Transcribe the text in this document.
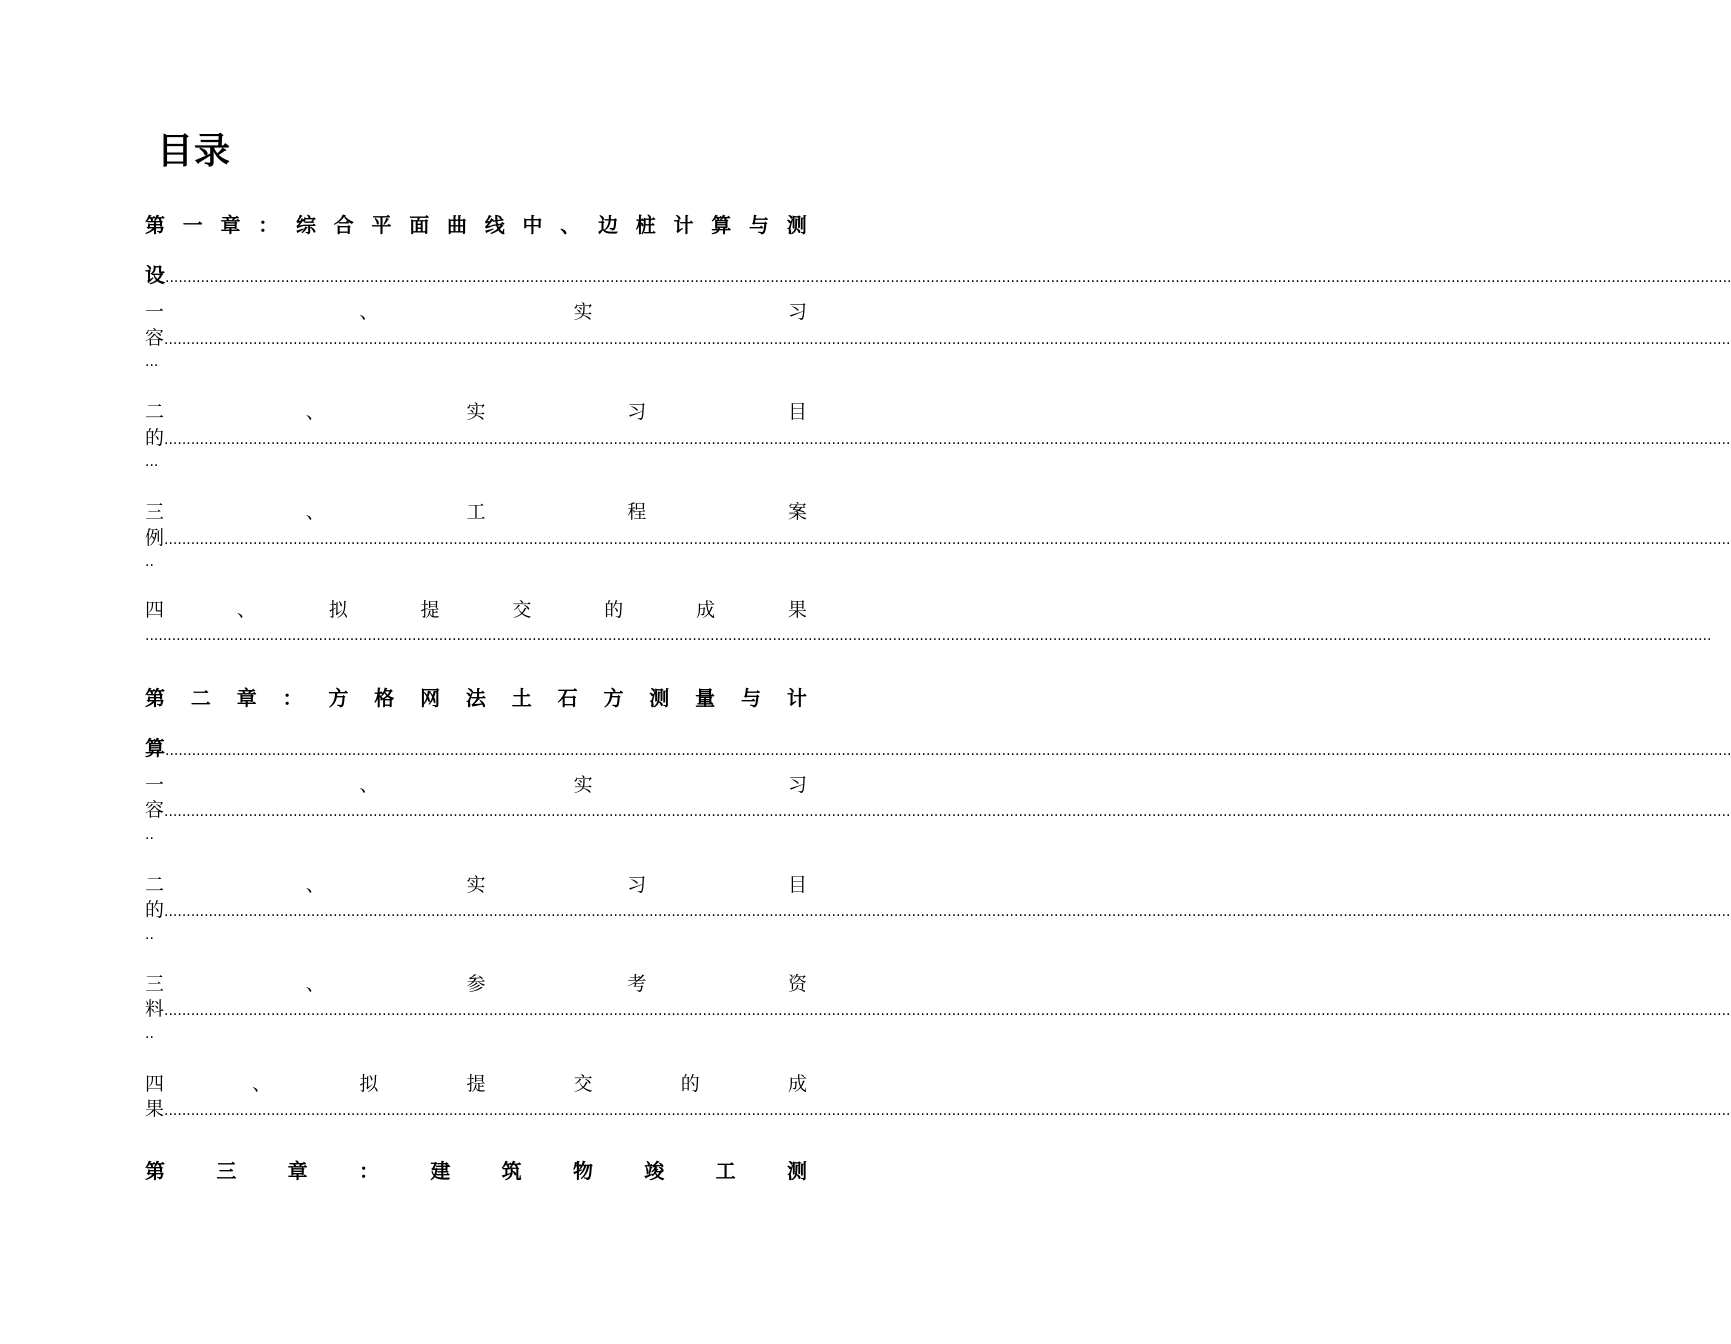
目录
第 一 章 ： 综 合 平 面 曲 线 中 、 边 桩 计 算 与 测
设................................................................................................................................................................................................................................................................................................................................................................
一	、	实	习
容................................................................................................................................................................................................................................................................................................................................................................
...
二	、	实	习	目
的................................................................................................................................................................................................................................................................................................................................................................
...
三	、	工	程	案
例................................................................................................................................................................................................................................................................................................................................................................
..
四	、	拟	提	交	的	成	果
................................................................................................................................................................................................................................................................................................................................................................
第 二 章 ： 方 格 网 法 土 石 方 测 量 与 计
算................................................................................................................................................................................................................................................................................................................................................................
一	、	实	习
容................................................................................................................................................................................................................................................................................................................................................................
..
二	、	实	习	目
的................................................................................................................................................................................................................................................................................................................................................................
..
三	、	参	考	资
料................................................................................................................................................................................................................................................................................................................................................................
..
四	、	拟	提	交	的	成
果................................................................................................................................................................................................................................................................................................................................................................
第	三	章	：	建	筑	物	竣	工	测
